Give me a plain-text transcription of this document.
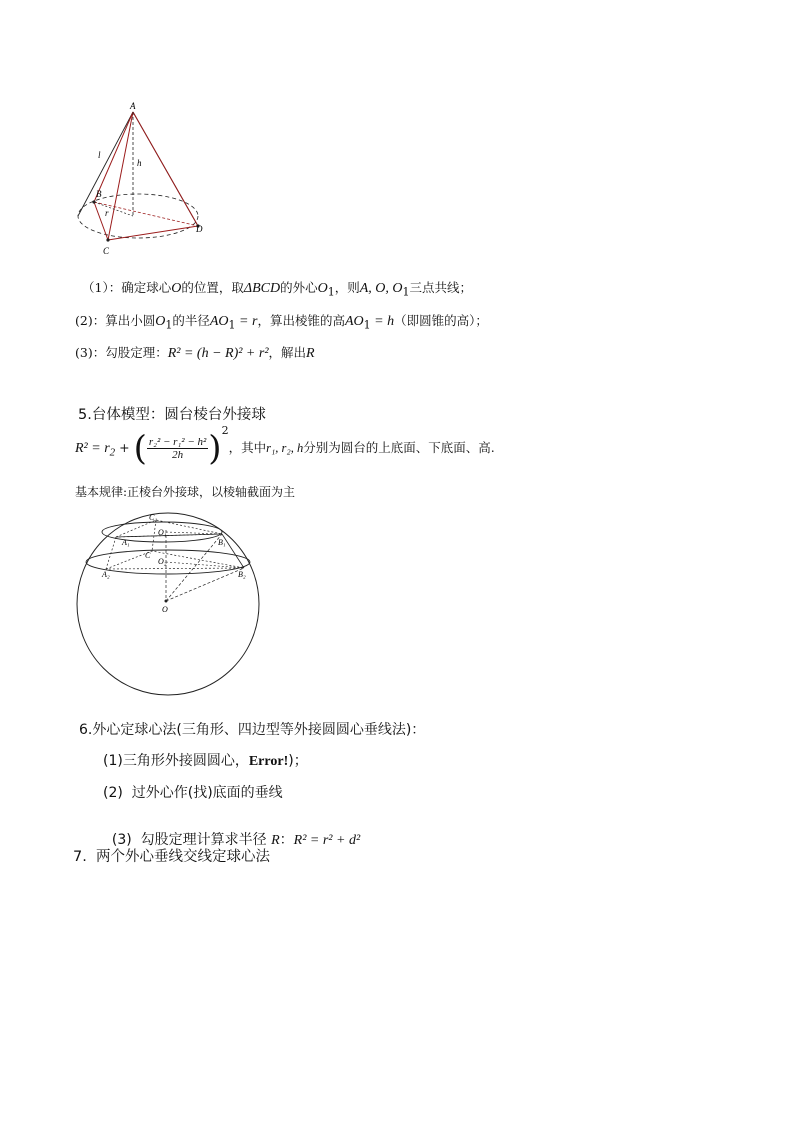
A
B
C
D
l
h
r
（1）：确定球心O的位置，取ΔBCD的外心$O_1$，则A, O, $O_1$三点共线；
(2)：算出小圆$O_1$的半径$AO_1 = r$，算出棱锥的高$AO_1 = h$（即圆锥的高）；
(3)：勾股定理：R² = (h − R)² + r²，解出R
5.台体模型：圆台棱台外接球
$R^2 = r_2$ + ( $\frac{\text{r₂² − r₁² − h²}}{2h} )^2$，其中r₁, r₂, h分别为圆台的上底面、下底面、高.
基本规律:正棱台外接球，以棱轴截面为主
C₁
O₁
A₁	B₁
C
O₂
A₂	B₂
O
6.外心定球心法(三角形、四边型等外接圆圆心垂线法)：
(1)三角形外接圆圆心，Error!)；
(2)  过外心作(找)底面的垂线

(3)  勾股定理计算求半径 R：R² = r² + d²

7.  两个外心垂线交线定球心法
